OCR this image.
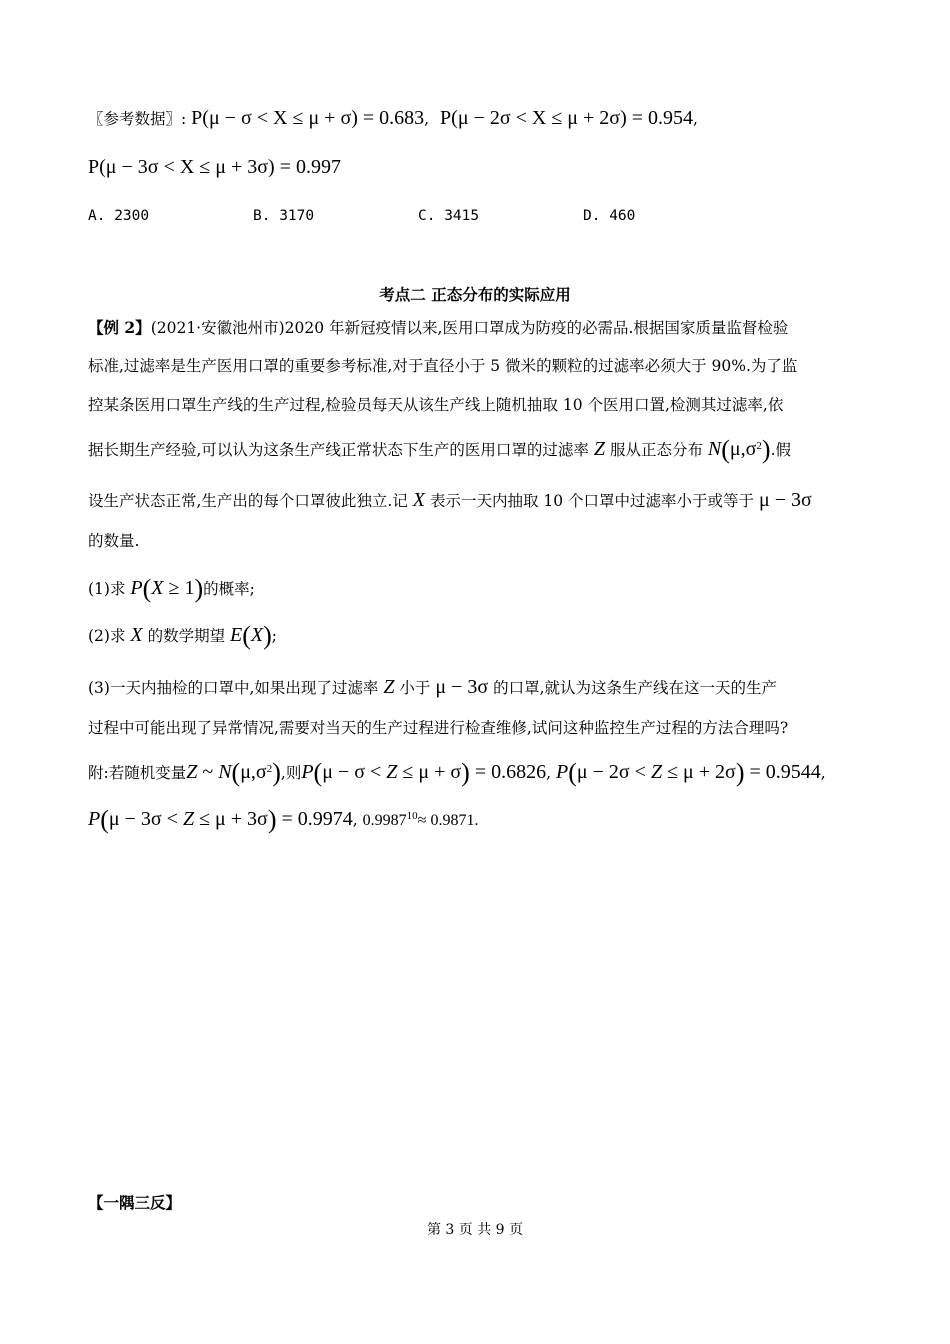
〖参考数据〗: P(μ − σ < X ≤ μ + σ) = 0.683, P(μ − 2σ < X ≤ μ + 2σ) = 0.954,
P(μ − 3σ < X ≤ μ + 3σ) = 0.997
A. 2300	B. 3170	C. 3415	D. 460
考点二 正态分布的实际应用
【例 2】(2021·安徽池州市)2020 年新冠疫情以来,医用口罩成为防疫的必需品.根据国家质量监督检验
标准,过滤率是生产医用口罩的重要参考标准,对于直径小于 5 微米的颗粒的过滤率必须大于 90%.为了监
控某条医用口罩生产线的生产过程,检验员每天从该生产线上随机抽取 10 个医用口置,检测其过滤率,依
据长期生产经验,可以认为这条生产线正常状态下生产的医用口罩的过滤率 Z 服从正态分布 $N(\mu,\sigma^2)$.假
设生产状态正常,生产出的每个口罩彼此独立.记 X 表示一天内抽取 10 个口罩中过滤率小于或等于 μ − 3σ
的数量.
(1)求 P(X ≥ 1)的概率;
(2)求 X 的数学期望 E(X);
(3)一天内抽检的口罩中,如果出现了过滤率 Z 小于 μ − 3σ 的口罩,就认为这条生产线在这一天的生产
过程中可能出现了异常情况,需要对当天的生产过程进行检查维修,试问这种监控生产过程的方法合理吗?
附:若随机变量Z ~ $N(\mu,\sigma^2)$,则P(μ − σ < Z ≤ μ + σ) = 0.6826, P(μ − 2σ < Z ≤ μ + 2σ) = 0.9544,
P(μ − 3σ < Z ≤ μ + 3σ) = 0.9974, $0.9987^{10}\approx 0.9871$.
【一隅三反】
第 3 页 共 9 页
